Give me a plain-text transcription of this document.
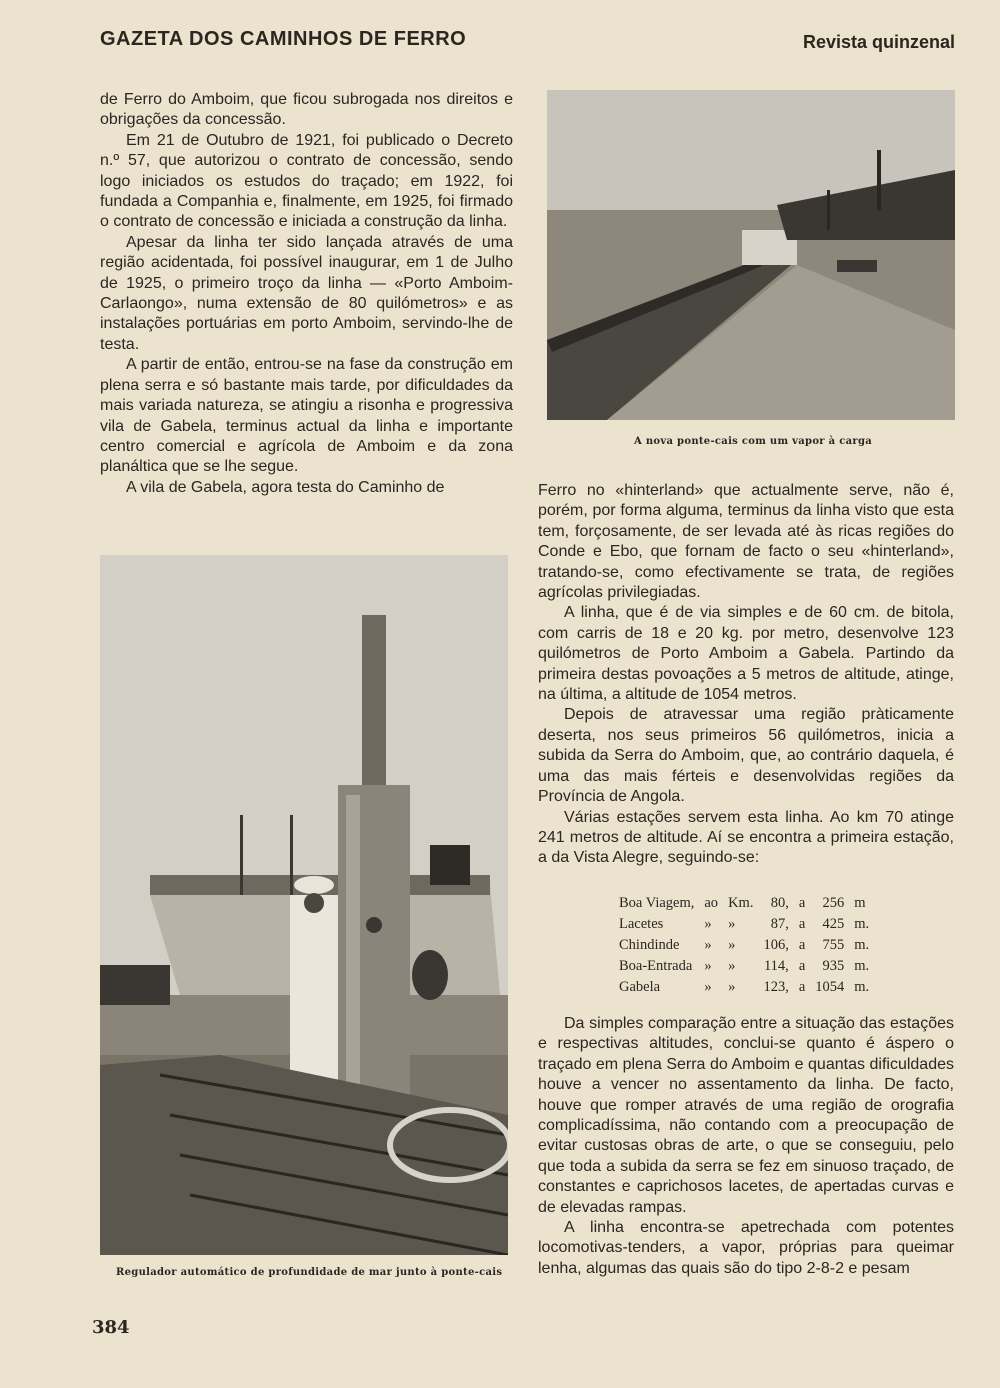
GAZETA DOS CAMINHOS DE FERRO	Revista quinzenal

de Ferro do Amboim, que ficou subrogada nos direitos e obrigações da concessão.

Em 21 de Outubro de 1921, foi publicado o Decreto n.º 57, que autorizou o contrato de concessão, sendo logo iniciados os estudos do traçado; em 1922, foi fundada a Companhia e, finalmente, em 1925, foi firmado o contrato de concessão e iniciada a construção da linha.

Apesar da linha ter sido lançada através de uma região acidentada, foi possível inaugurar, em 1 de Julho de 1925, o primeiro troço da linha — «Porto Amboim-Carlaongo», numa extensão de 80 quilómetros» e as instalações portuárias em porto Amboim, servindo-lhe de testa.

A partir de então, entrou-se na fase da construção em plena serra e só bastante mais tarde, por dificuldades da mais variada natureza, se atingiu a risonha e progressiva vila de Gabela, terminus actual da linha e importante centro comercial e agrícola de Amboim e da zona planáltica que se lhe segue.

A vila de Gabela, agora testa do Caminho de

A nova ponte-cais com um vapor à carga
Regulador automático de profundidade de mar junto à ponte-cais

Ferro no «hinterland» que actualmente serve, não é, porém, por forma alguma, terminus da linha visto que esta tem, forçosamente, de ser levada até às ricas regiões do Conde e Ebo, que fornam de facto o seu «hinterland», tratando-se, como efectivamente se trata, de regiões agrícolas privilegiadas.

A linha, que é de via simples e de 60 cm. de bitola, com carris de 18 e 20 kg. por metro, desenvolve 123 quilómetros de Porto Amboim a Gabela. Partindo da primeira destas povoações a 5 metros de altitude, atinge, na última, a altitude de 1054 metros.

Depois de atravessar uma região pràticamente deserta, nos seus primeiros 56 quilómetros, inicia a subida da Serra do Amboim, que, ao contrário daquela, é uma das mais férteis e desenvolvidas regiões da Província de Angola.

Várias estações servem esta linha. Ao km 70 atinge 241 metros de altitude. Aí se encontra a primeira estação, a da Vista Alegre, seguindo-se:

Boa Viagem,	ao	Km.	80,	a	256	m
Lacetes	»	»	87,	a	425	m.
Chindinde	»	»	106,	a	755	m.
Boa-Entrada	»	»	114,	a	935	m.
Gabela	»	»	123,	a	1054	m.

Da simples comparação entre a situação das estações e respectivas altitudes, conclui-se quanto é áspero o traçado em plena Serra do Amboim e quantas dificuldades houve a vencer no assentamento da linha. De facto, houve que romper através de uma região de orografia complicadíssima, não contando com a preocupação de evitar custosas obras de arte, o que se conseguiu, pelo que toda a subida da serra se fez em sinuoso traçado, de constantes e caprichosos lacetes, de apertadas curvas e de elevadas rampas.

A linha encontra-se apetrechada com potentes locomotivas-tenders, a vapor, próprias para queimar lenha, algumas das quais são do tipo 2-8-2 e pesam

384
